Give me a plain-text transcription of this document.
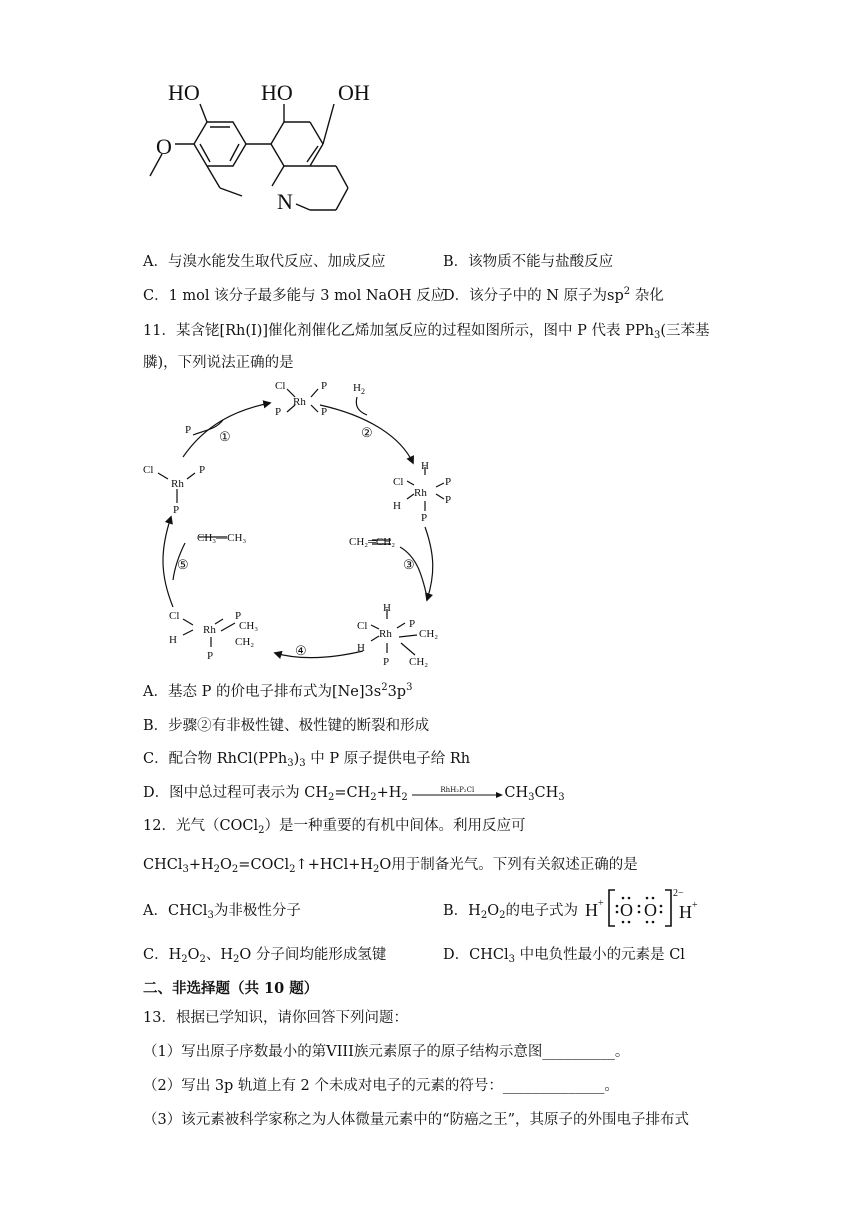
HO	HO OH
O
N
A．与溴水能发生取代反应、加成反应	B．该物质不能与盐酸反应
C．1 mol 该分子最多能与 3 mol NaOH 反应
D．该分子中的 N 原子为$sp^2$ 杂化
11．某含铑[Rh(I)]催化剂催化乙烯加氢反应的过程如图所示，图中 P 代表 PPh$_3$(三苯基
膦)，下列说法正确的是
Cl	P
Rh
P	P
$H_2$
P
Cl	P
Rh
P
H
Cl	P
Rh
H	P
P
CH₃—CH₃	CH₂═CH₂
Cl	P
Rh
H
P
CH₃
CH₂
H
Cl	P
Rh
H
P
CH₂
CH₂
①	②
③
④
⑤
A．基态 P 的价电子排布式为$[Ne]3s^23p^3$
B．步骤②有非极性键、极性键的断裂和形成
C．配合物 $RhCl(PPh_3)_3$ 中 P 原子提供电子给 Rh
D．图中总过程可表示为 $CH_2=CH_2+H_2$
RhH₂P₂Cl $CH_3CH_3$
12．光气（COCl$_2$）是一种重要的有机中间体。利用反应可
$CHCl_3+H_2O_2=COCl_2↑+HCl+H_2O$用于制备光气。下列有关叙述正确的是
A．CHCl$_3$为非极性分子	B．$H_2O_2$的电子式为 H + O O
2−
H +
C．$H_2O_2$、$H_2O$ 分子间均能形成氢键	D．CHCl$_3$ 中电负性最小的元素是 Cl
二、非选择题（共 10 题）
13．根据已学知识，请你回答下列问题：
（1）写出原子序数最小的第VIII族元素原子的原子结构示意图__________。
（2）写出 3p 轨道上有 2 个未成对电子的元素的符号：______________。
（3）该元素被科学家称之为人体微量元素中的“防癌之王”，其原子的外围电子排布式
